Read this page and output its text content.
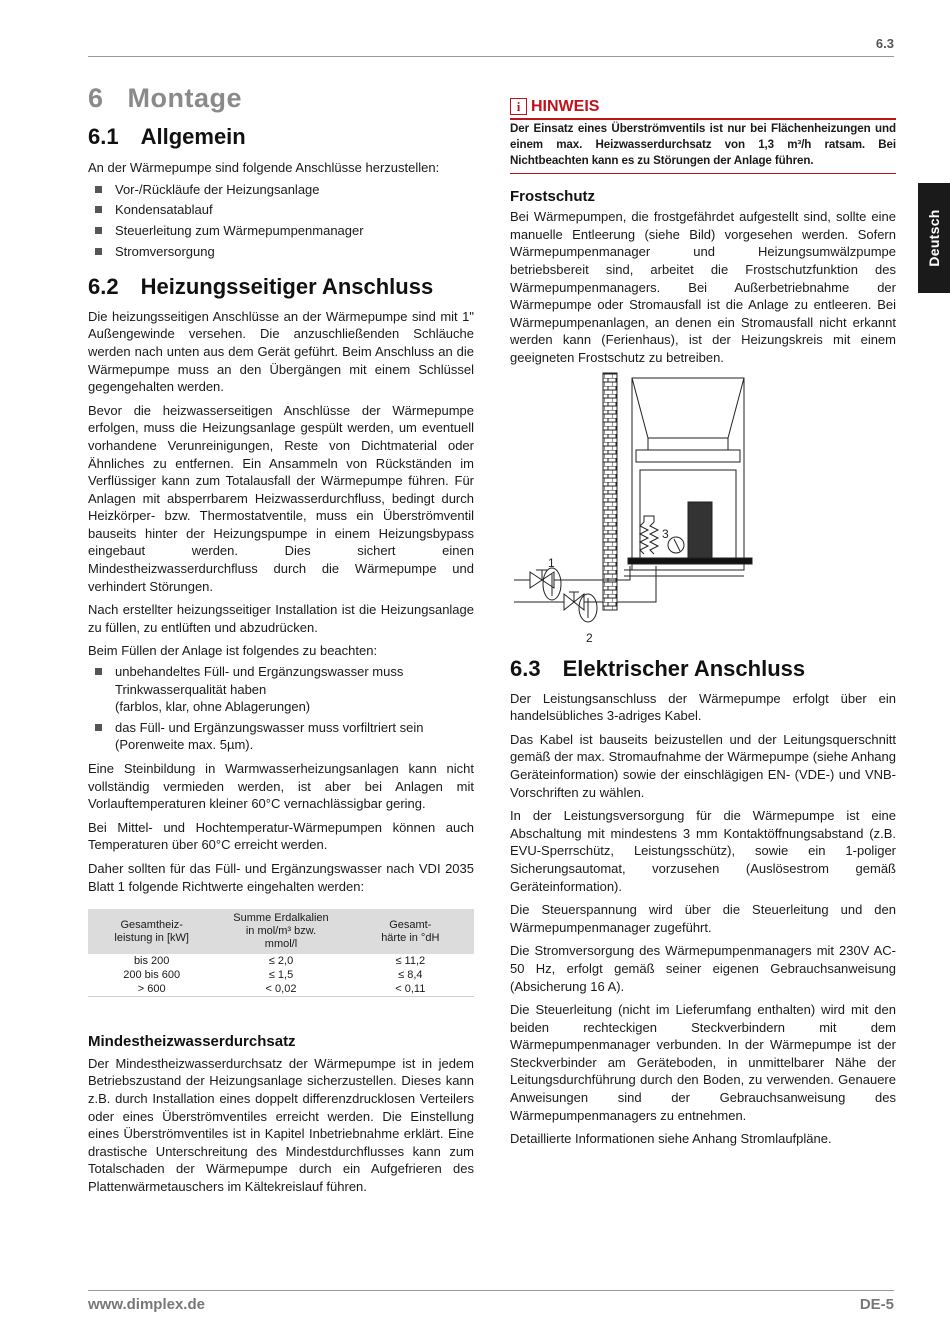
6.3
Deutsch
6 Montage
6.1 Allgemein

An der Wärmepumpe sind folgende Anschlüsse herzustellen:

Vor-/Rückläufe der Heizungsanlage
Kondensatablauf
Steuerleitung zum Wärmepumpenmanager
Stromversorgung
6.2 Heizungsseitiger Anschluss

Die heizungsseitigen Anschlüsse an der Wärmepumpe sind mit 1" Außengewinde versehen. Die anzuschließenden Schläuche werden nach unten aus dem Gerät geführt. Beim Anschluss an die Wärmepumpe muss an den Übergängen mit einem Schlüssel gegengehalten werden.

Bevor die heizwasserseitigen Anschlüsse der Wärmepumpe erfolgen, muss die Heizungsanlage gespült werden, um eventuell vorhandene Verunreinigungen, Reste von Dichtmaterial oder Ähnliches zu entfernen. Ein Ansammeln von Rückständen im Verflüssiger kann zum Totalausfall der Wärmepumpe führen. Für Anlagen mit absperrbarem Heizwasserdurchfluss, bedingt durch Heizkörper- bzw. Thermostatventile, muss ein Überströmventil bauseits hinter der Heizungspumpe in einem Heizungsbypass eingebaut werden. Dies sichert einen Mindestheizwasserdurchfluss durch die Wärmepumpe und verhindert Störungen.

Nach erstellter heizungsseitiger Installation ist die Heizungsanlage zu füllen, zu entlüften und abzudrücken.

Beim Füllen der Anlage ist folgendes zu beachten:

unbehandeltes Füll- und Ergänzungswasser muss Trinkwasserqualität haben
(farblos, klar, ohne Ablagerungen)
das Füll- und Ergänzungswasser muss vorfiltriert sein (Porenweite max. 5µm).

Eine Steinbildung in Warmwasserheizungsanlagen kann nicht vollständig vermieden werden, ist aber bei Anlagen mit Vorlauftemperaturen kleiner 60°C vernachlässigbar gering.

Bei Mittel- und Hochtemperatur-Wärmepumpen können auch Temperaturen über 60°C erreicht werden.

Daher sollten für das Füll- und Ergänzungswasser nach VDI 2035 Blatt 1 folgende Richtwerte eingehalten werden:

Gesamtheiz-
leistung in [kW]	Summe Erdalkalien
in mol/m³ bzw.
mmol/l	Gesamt-
härte in °dH
bis 200	≤ 2,0	≤ 11,2
200 bis 600	≤ 1,5	≤ 8,4
> 600	< 0,02	< 0,11
Mindestheizwasserdurchsatz

Der Mindestheizwasserdurchsatz der Wärmepumpe ist in jedem Betriebszustand der Heizungsanlage sicherzustellen. Dieses kann z.B. durch Installation eines doppelt differenzdrucklosen Verteilers oder eines Überströmventiles erreicht werden. Die Einstellung eines Überströmventiles ist in Kapitel Inbetriebnahme erklärt. Eine drastische Unterschreitung des Mindestdurchflusses kann zum Totalschaden der Wärmepumpe durch ein Aufgefrieren des Plattenwärmetauschers im Kältekreislauf führen.

i HINWEIS
Der Einsatz eines Überströmventils ist nur bei Flächenheizungen und einem max. Heizwasserdurchsatz von 1,3 m³/h ratsam. Bei Nichtbeachten kann es zu Störungen der Anlage führen.
Frostschutz

Bei Wärmepumpen, die frostgefährdet aufgestellt sind, sollte eine manuelle Entleerung (siehe Bild) vorgesehen werden. Sofern Wärmepumpenmanager und Heizungsumwälzpumpe betriebsbereit sind, arbeitet die Frostschutzfunktion des Wärmepumpenmanagers. Bei Außerbetriebnahme der Wärmepumpe oder Stromausfall ist die Anlage zu entleeren. Bei Wärmepumpenanlagen, an denen ein Stromausfall nicht erkannt werden kann (Ferienhaus), ist der Heizungskreis mit einem geeigneten Frostschutz zu betreiben.

1
2
3
6.3 Elektrischer Anschluss

Der Leistungsanschluss der Wärmepumpe erfolgt über ein handelsübliches 3-adriges Kabel.

Das Kabel ist bauseits beizustellen und der Leitungsquerschnitt gemäß der max. Stromaufnahme der Wärmepumpe (siehe Anhang Geräteinformation) sowie der einschlägigen EN- (VDE-) und VNB-Vorschriften zu wählen.

In der Leistungsversorgung für die Wärmepumpe ist eine Abschaltung mit mindestens 3 mm Kontaktöffnungsabstand (z.B. EVU-Sperrschütz, Leistungsschütz), sowie ein 1-poliger Sicherungsautomat, vorzusehen (Auslösestrom gemäß Geräteinformation).

Die Steuerspannung wird über die Steuerleitung und den Wärmepumpenmanager zugeführt.

Die Stromversorgung des Wärmepumpenmanagers mit 230V AC-50 Hz, erfolgt gemäß seiner eigenen Gebrauchsanweisung (Absicherung 16 A).

Die Steuerleitung (nicht im Lieferumfang enthalten) wird mit den beiden rechteckigen Steckverbindern mit dem Wärmepumpenmanager verbunden. In der Wärmepumpe ist der Steckverbinder am Geräteboden, in unmittelbarer Nähe der Leitungsdurchführung durch den Boden, zu verwenden. Genauere Anweisungen sind der Gebrauchsanweisung des Wärmepumpenmanagers zu entnehmen.

Detaillierte Informationen siehe Anhang Stromlaufpläne.

www.dimplex.de	DE-5
